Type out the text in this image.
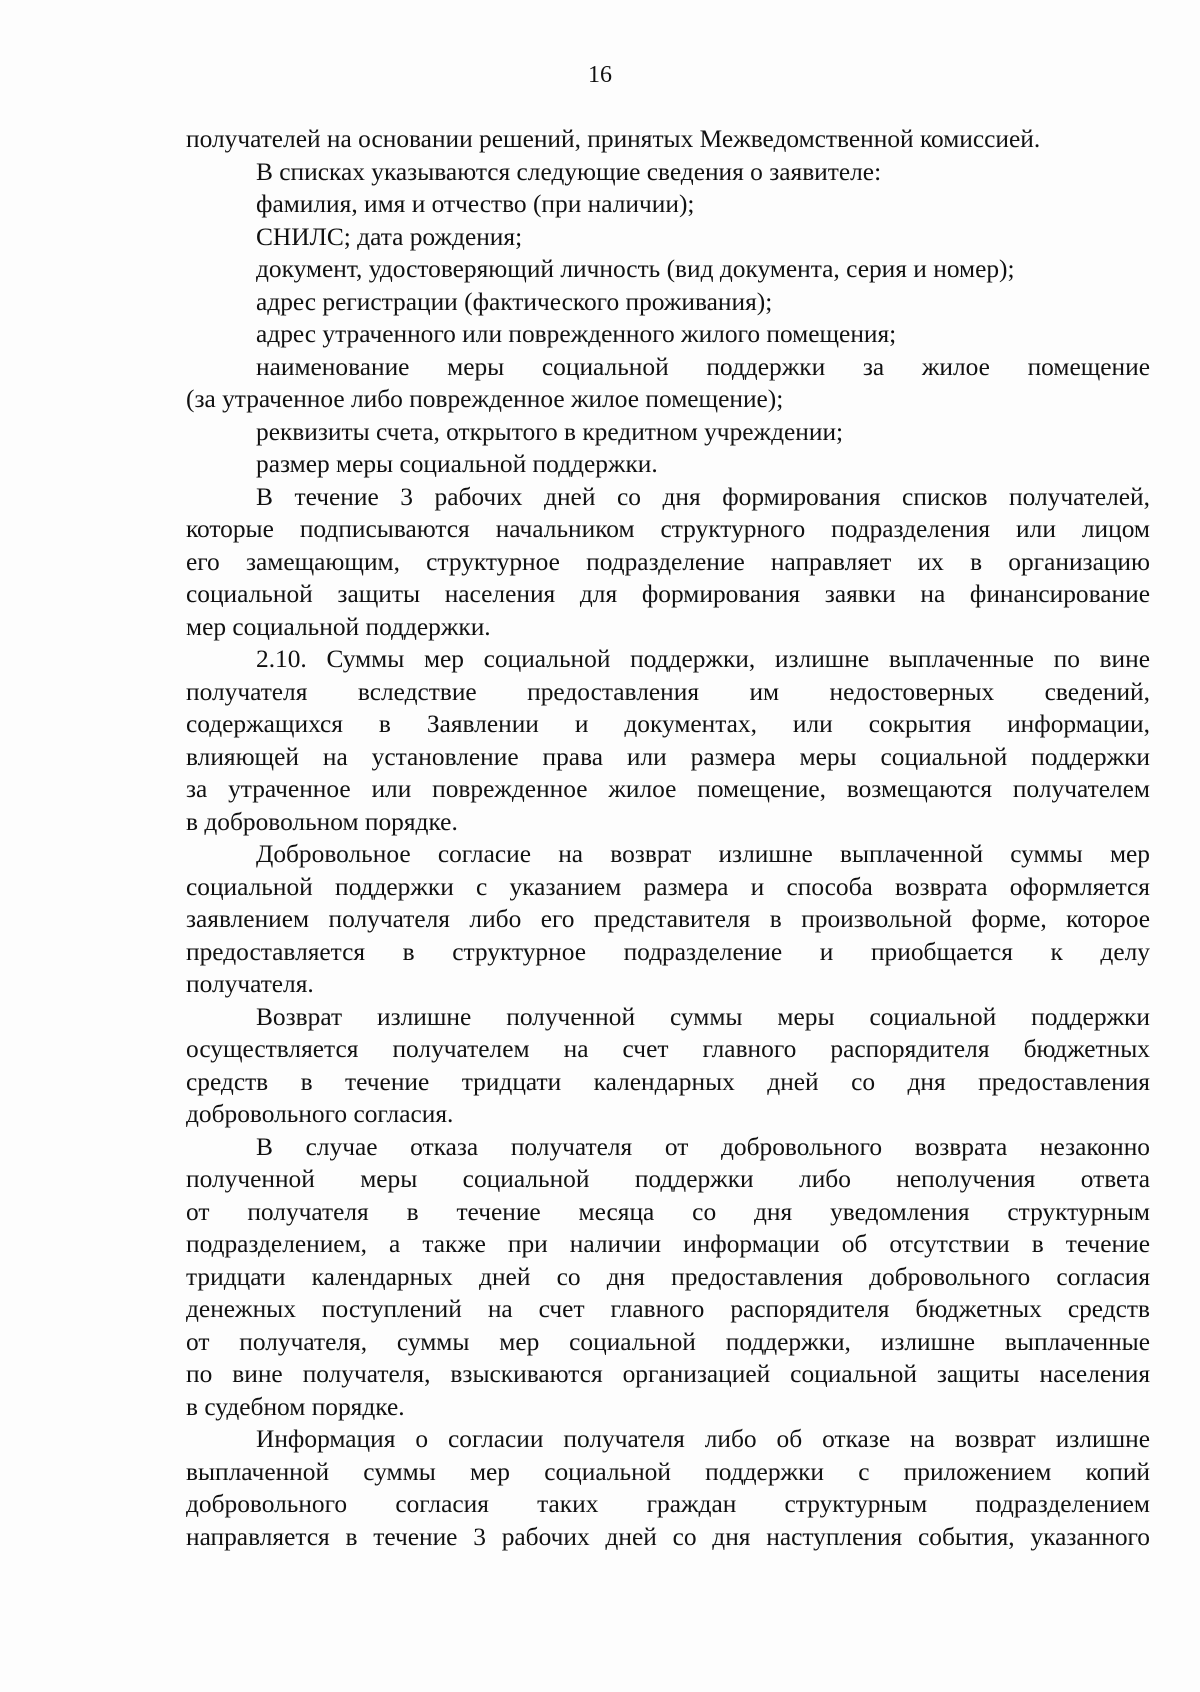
16

получателей на основании решений, принятых Межведомственной комиссией.

В списках указываются следующие сведения о заявителе:

фамилия, имя и отчество (при наличии);

СНИЛС; дата рождения;

документ, удостоверяющий личность (вид документа, серия и номер);

адрес регистрации (фактического проживания);

адрес утраченного или поврежденного жилого помещения;

наименование меры социальной поддержки за жилое помещение

(за утраченное либо поврежденное жилое помещение);

реквизиты счета, открытого в кредитном учреждении;

размер меры социальной поддержки.

В течение 3 рабочих дней со дня формирования списков получателей,

которые подписываются начальником структурного подразделения или лицом

его замещающим, структурное подразделение направляет их в организацию

социальной защиты населения для формирования заявки на финансирование

мер социальной поддержки.

2.10. Суммы мер социальной поддержки, излишне выплаченные по вине

получателя вследствие предоставления им недостоверных сведений,

содержащихся в Заявлении и документах, или сокрытия информации,

влияющей на установление права или размера меры социальной поддержки

за утраченное или поврежденное жилое помещение, возмещаются получателем

в добровольном порядке.

Добровольное согласие на возврат излишне выплаченной суммы мер

социальной поддержки с указанием размера и способа возврата оформляется

заявлением получателя либо его представителя в произвольной форме, которое

предоставляется в структурное подразделение и приобщается к делу

получателя.

Возврат излишне полученной суммы меры социальной поддержки

осуществляется получателем на счет главного распорядителя бюджетных

средств в течение тридцати календарных дней со дня предоставления

добровольного согласия.

В случае отказа получателя от добровольного возврата незаконно

полученной меры социальной поддержки либо неполучения ответа

от получателя в течение месяца со дня уведомления структурным

подразделением, а также при наличии информации об отсутствии в течение

тридцати календарных дней со дня предоставления добровольного согласия

денежных поступлений на счет главного распорядителя бюджетных средств

от получателя, суммы мер социальной поддержки, излишне выплаченные

по вине получателя, взыскиваются организацией социальной защиты населения

в судебном порядке.

Информация о согласии получателя либо об отказе на возврат излишне

выплаченной суммы мер социальной поддержки с приложением копий

добровольного согласия таких граждан структурным подразделением

направляется в течение 3 рабочих дней со дня наступления события, указанного
